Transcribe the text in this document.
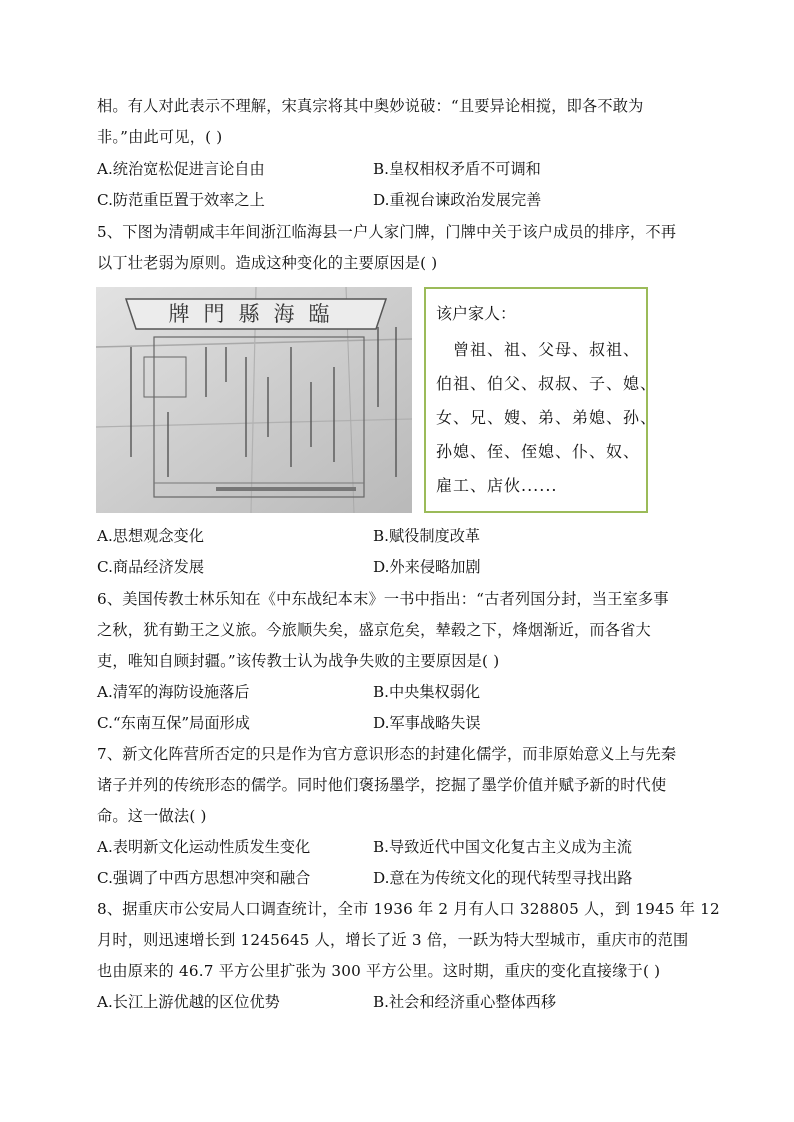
相。有人对此表示不理解，宋真宗将其中奥妙说破：“且要异论相搅，即各不敢为
非。”由此可见，( )
A.统治宽松促进言论自由	B.皇权相权矛盾不可调和
C.防范重臣置于效率之上	D.重视台谏政治发展完善
5、下图为清朝咸丰年间浙江临海县一户人家门牌，门牌中关于该户成员的排序，不再
以丁壮老弱为原则。造成这种变化的主要原因是( )
牌門縣海臨	该户家人：
　曾祖、祖、父母、叔祖、
伯祖、伯父、叔叔、子、媳、
女、兄、嫂、弟、弟媳、孙、
孙媳、侄、侄媳、仆、奴、
雇工、店伙......
A.思想观念变化	B.赋役制度改革
C.商品经济发展	D.外来侵略加剧
6、美国传教士林乐知在《中东战纪本末》一书中指出：“古者列国分封，当王室多事
之秋，犹有勤王之义旅。今旅顺失矣，盛京危矣，辇毂之下，烽烟渐近，而各省大
吏，唯知自顾封疆。”该传教士认为战争失败的主要原因是( )
A.清军的海防设施落后	B.中央集权弱化
C.“东南互保”局面形成	D.军事战略失误
7、新文化阵营所否定的只是作为官方意识形态的封建化儒学，而非原始意义上与先秦
诸子并列的传统形态的儒学。同时他们褒扬墨学，挖掘了墨学价值并赋予新的时代使
命。这一做法( )
A.表明新文化运动性质发生变化	B.导致近代中国文化复古主义成为主流
C.强调了中西方思想冲突和融合	D.意在为传统文化的现代转型寻找出路
8、据重庆市公安局人口调查统计，全市 1936 年 2 月有人口 328805 人，到 1945 年 12
月时，则迅速增长到 1245645 人，增长了近 3 倍，一跃为特大型城市，重庆市的范围
也由原来的 46.7 平方公里扩张为 300 平方公里。这时期，重庆的变化直接缘于( )
A.长江上游优越的区位优势	B.社会和经济重心整体西移
